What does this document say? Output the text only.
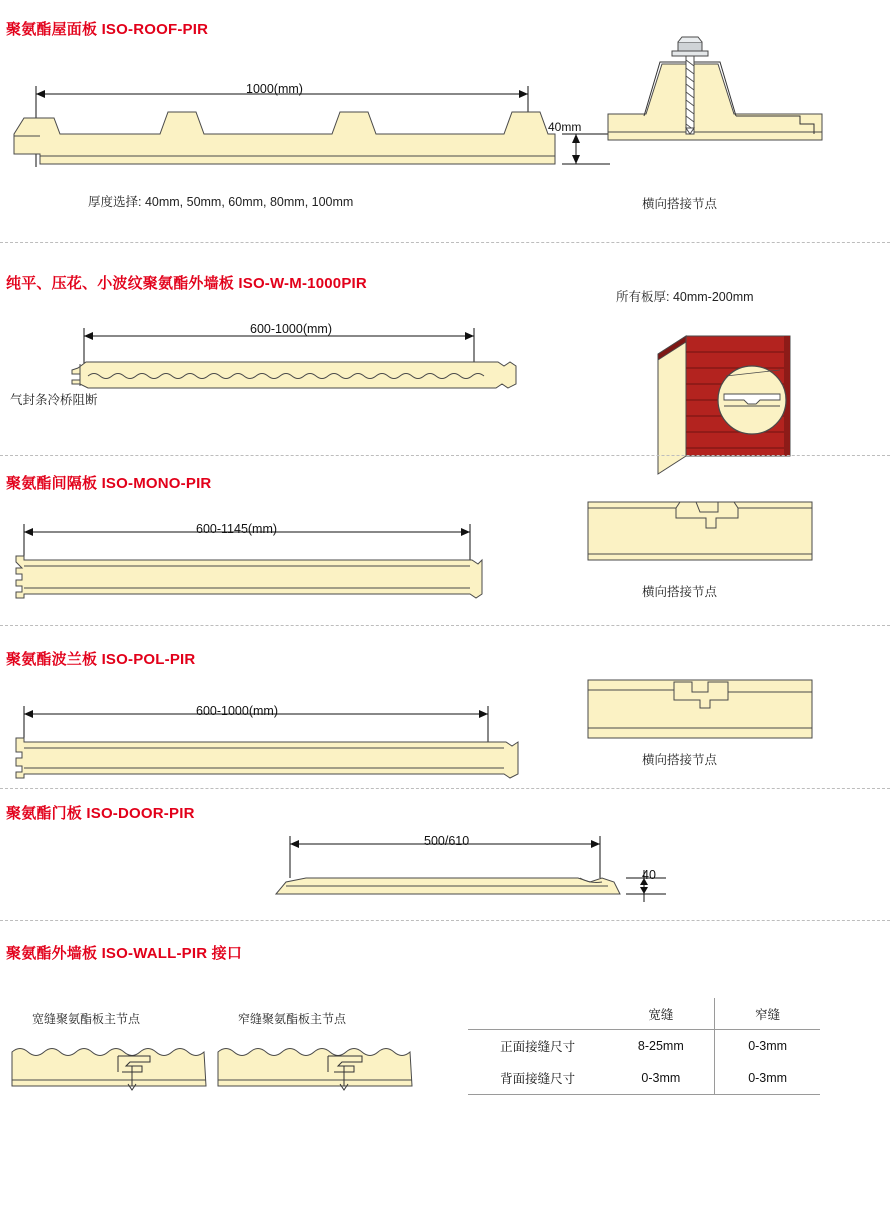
聚氨酯屋面板 ISO-ROOF-PIR
1000(mm)
40mm
厚度选择: 40mm, 50mm, 60mm, 80mm, 100mm	横向搭接节点
纯平、压花、小波纹聚氨酯外墙板 ISO-W-M-1000PIR
600-1000(mm)
气封条冷桥阻断
所有板厚: 40mm-200mm
聚氨酯间隔板 ISO-MONO-PIR
600-1145(mm)
横向搭接节点
聚氨酯波兰板 ISO-POL-PIR
600-1000(mm)
横向搭接节点
聚氨酯门板 ISO-DOOR-PIR
500/610
40
聚氨酯外墙板 ISO-WALL-PIR 接口
宽缝聚氨酯板主节点	窄缝聚氨酯板主节点
		宽缝	窄缝
正面接缝尺寸	8-25mm	0-3mm
背面接缝尺寸	0-3mm	0-3mm
